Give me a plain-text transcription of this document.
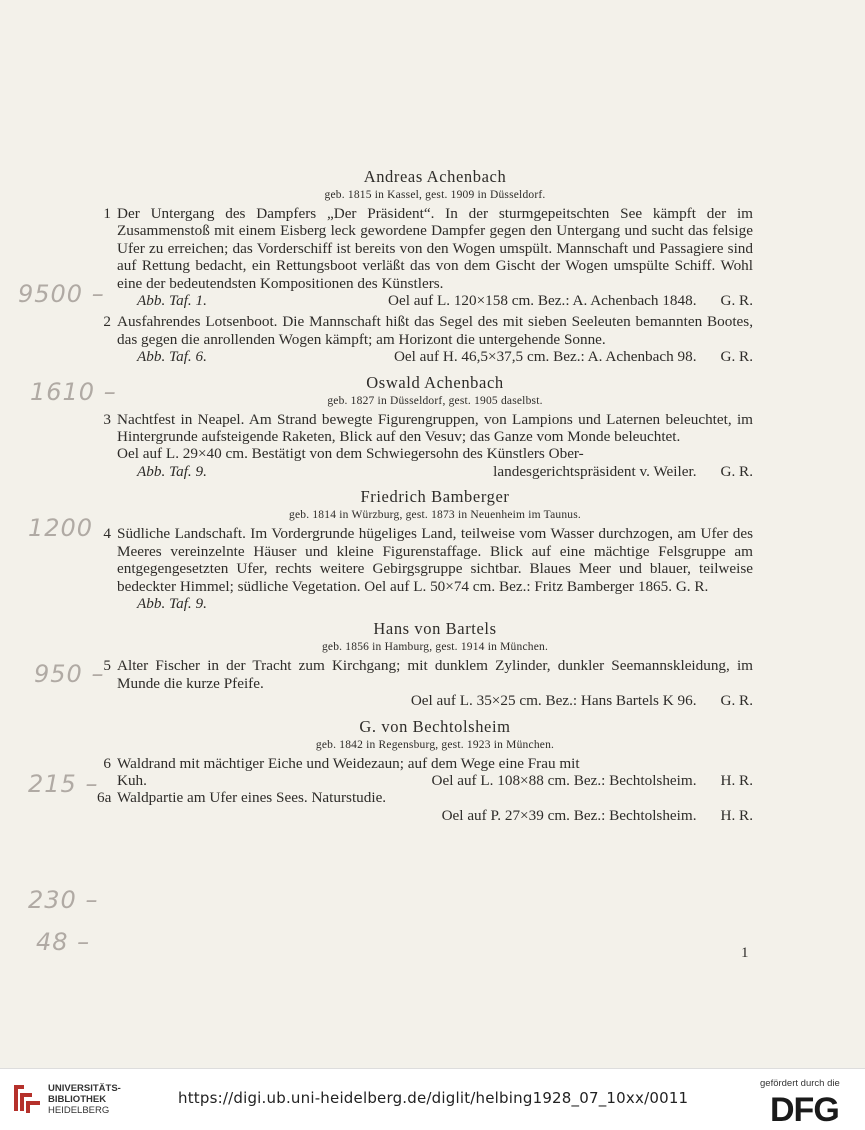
9500 –
1610 –
1200
950 –
215 –
230 –
48 –
Andreas Achenbach
geb. 1815 in Kassel, gest. 1909 in Düsseldorf.
1 Der Untergang des Dampfers „Der Präsident“. In der sturmgepeitschten See kämpft der im Zusammenstoß mit einem Eisberg leck gewordene Dampfer gegen den Untergang und sucht das felsige Ufer zu erreichen; das Vorderschiff ist bereits von den Wogen umspült. Mannschaft und Passagiere sind auf Rettung bedacht, ein Rettungsboot verläßt das von dem Gischt der Wogen umspülte Schiff. Wohl eine der bedeutendsten Kompositionen des Künstlers.
Abb. Taf. 1.	Oel auf L. 120×158 cm. Bez.: A. Achenbach 1848. G. R.
2 Ausfahrendes Lotsenboot. Die Mannschaft hißt das Segel des mit sieben Seeleuten bemannten Bootes, das gegen die anrollenden Wogen kämpft; am Horizont die untergehende Sonne.
Abb. Taf. 6.	Oel auf H. 46,5×37,5 cm. Bez.: A. Achenbach 98. G. R.
Oswald Achenbach
geb. 1827 in Düsseldorf, gest. 1905 daselbst.
3 Nachtfest in Neapel. Am Strand bewegte Figurengruppen, von Lampions und Laternen beleuchtet, im Hintergrunde aufsteigende Raketen, Blick auf den Vesuv; das Ganze vom Monde beleuchtet.
Oel auf L. 29×40 cm. Bestätigt von dem Schwiegersohn des Künstlers Ober-
Abb. Taf. 9.	landesgerichtspräsident v. Weiler. G. R.
Friedrich Bamberger
geb. 1814 in Würzburg, gest. 1873 in Neuenheim im Taunus.
4 Südliche Landschaft. Im Vordergrunde hügeliges Land, teilweise vom Wasser durchzogen, am Ufer des Meeres vereinzelnte Häuser und kleine Figurenstaffage. Blick auf eine mächtige Felsgruppe am entgegengesetzten Ufer, rechts weitere Gebirgsgruppe sichtbar. Blaues Meer und blauer, teilweise bedeckter Himmel; südliche Vegetation. Oel auf L. 50×74 cm. Bez.: Fritz Bamberger 1865. G. R.
Abb. Taf. 9.
Hans von Bartels
geb. 1856 in Hamburg, gest. 1914 in München.
5 Alter Fischer in der Tracht zum Kirchgang; mit dunklem Zylinder, dunkler Seemannskleidung, im Munde die kurze Pfeife.
Oel auf L. 35×25 cm. Bez.: Hans Bartels K 96. G. R.
G. von Bechtolsheim
geb. 1842 in Regensburg, gest. 1923 in München.
6 Waldrand mit mächtiger Eiche und Weidezaun; auf dem Wege eine Frau mit
Kuh.	Oel auf L. 108×88 cm. Bez.: Bechtolsheim. H. R.
6a Waldpartie am Ufer eines Sees. Naturstudie.
Oel auf P. 27×39 cm. Bez.: Bechtolsheim. H. R.
1
UNIVERSITÄTS-
BIBLIOTHEK
HEIDELBERG
https://digi.ub.uni-heidelberg.de/diglit/helbing1928_07_10xx/0011
gefördert durch die
DFG
